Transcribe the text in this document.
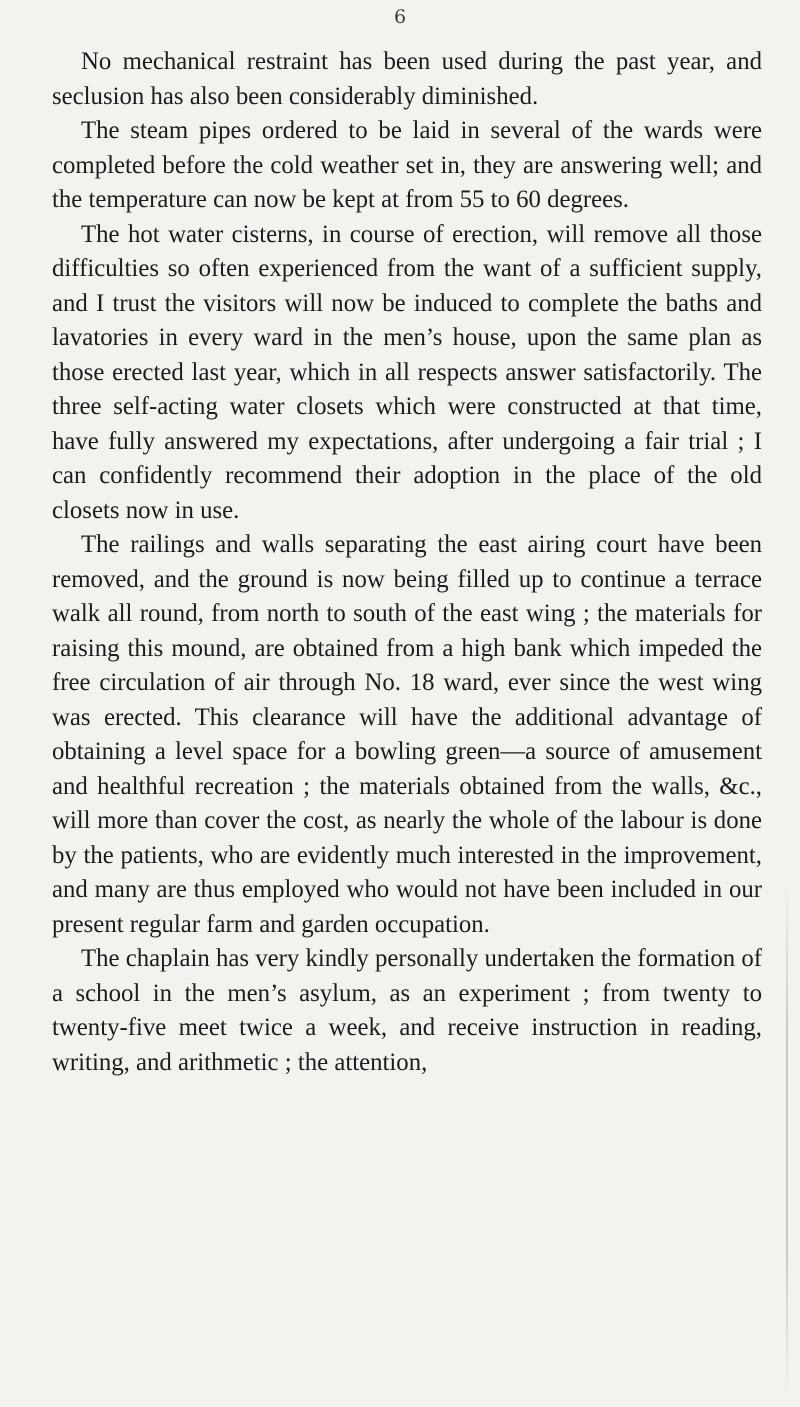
6

No mechanical restraint has been used during the past year, and seclusion has also been considerably diminished.

The steam pipes ordered to be laid in several of the wards were completed before the cold weather set in, they are answering well; and the temperature can now be kept at from 55 to 60 degrees.

The hot water cisterns, in course of erection, will remove all those difficulties so often experienced from the want of a sufficient supply, and I trust the visitors will now be induced to complete the baths and lavatories in every ward in the men’s house, upon the same plan as those erected last year, which in all respects answer satisfactorily. The three self-acting water closets which were constructed at that time, have fully answered my expectations, after undergoing a fair trial ; I can confidently recommend their adoption in the place of the old closets now in use.

The railings and walls separating the east airing court have been removed, and the ground is now being filled up to continue a terrace walk all round, from north to south of the east wing ; the materials for raising this mound, are obtained from a high bank which impeded the free circulation of air through No. 18 ward, ever since the west wing was erected. This clearance will have the additional advantage of obtaining a level space for a bowling green—a source of amusement and healthful recreation ; the materials obtained from the walls, &c., will more than cover the cost, as nearly the whole of the labour is done by the patients, who are evidently much interested in the improvement, and many are thus employed who would not have been included in our present regular farm and garden occupation.

The chaplain has very kindly personally undertaken the formation of a school in the men’s asylum, as an experiment ; from twenty to twenty-five meet twice a week, and receive instruction in reading, writing, and arithmetic ; the attention,
